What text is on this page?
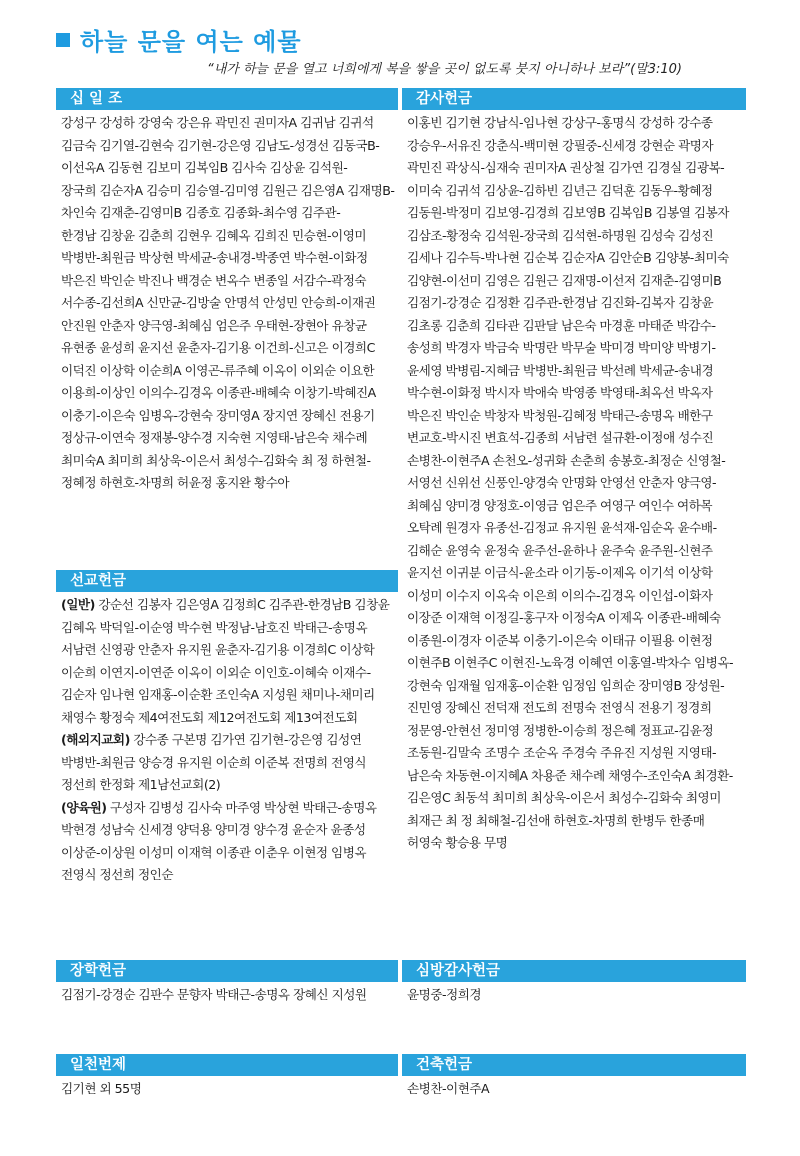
하늘 문을 여는 예물
“내가 하늘 문을 열고 너희에게 복을 쌓을 곳이 없도록 붓지 아니하나 보라”(말3:10)
십 일 조
강성구 강성하 강영숙 강은유 곽민진 권미자A 김귀남 김귀석
김금숙 김기열-김현숙 김기현-강은영 김남도-성경선 김동국B-
이선옥A 김동현 김보미 김복임B 김사숙 김상윤 김석원-
장국희 김순자A 김승미 김승열-김미영 김원근 김은영A 김재명B-
차인숙 김재춘-김영미B 김종호 김종화-최수영 김주관-
한경남 김창윤 김춘희 김현우 김혜옥 김희진 민승현-이영미
박병반-최원금 박상현 박세균-송내경-박종연 박수현-이화정
박은진 박인순 박진나 백경순 변옥수 변종일 서감수-곽정숙
서수종-김선희A 신만균-김방술 안명석 안성민 안승희-이재권
안진원 안춘자 양극영-최혜심 엄은주 우태현-장현아 유창균
유현종 윤성희 윤지선 윤춘자-김기용 이건희-신고은 이경희C
이덕진 이상학 이순희A 이영곤-류주혜 이옥이 이외순 이요한
이용희-이상인 이의수-김경옥 이종관-배혜숙 이창기-박혜진A
이충기-이은숙 임병옥-강현숙 장미영A 장지연 장혜신 전용기
정상규-이연숙 정재봉-양수경 지숙현 지영태-남은숙 채수례
최미숙A 최미희 최상욱-이은서 최성수-김화숙 최 정 하현철-
정혜정 하현호-차명희 허윤정 홍지완 황수아
선교헌금
(일반) 강순선 김봉자 김은영A 김정희C 김주관-한경남B 김창윤
김혜옥 박덕일-이순영 박수현 박정남-남호진 박태근-송명옥
서남련 신영광 안춘자 유지원 윤춘자-김기용 이경희C 이상학
이순희 이연지-이연준 이옥이 이외순 이인호-이혜숙 이재수-
김순자 임나현 임재홍-이순환 조인숙A 지성원 채미나-채미리
채영수 황정숙 제4여전도회 제12여전도회 제13여전도회
(해외지교회) 강수종 구본명 김가연 김기현-강은영 김성연
박병반-최원금 양승경 유지원 이순희 이준복 전명희 전영식
정선희 한정화 제1남선교회(2)
(양육원) 구성자 김병성 김사숙 마주영 박상현 박태근-송명옥
박현경 성남숙 신세경 양덕용 양미경 양수경 윤순자 윤종성
이상준-이상원 이성미 이재혁 이종관 이춘우 이현정 임병옥
전영식 정선희 정인순
감사헌금
이홍빈 김기현 강남식-임나현 강상구-홍명식 강성하 강수종
강승우-서유진 강춘식-백미현 강필중-신세경 강현순 곽명자
곽민진 곽상식-심재숙 권미자A 권상철 김가연 김경실 김광복-
이미숙 김귀석 김상윤-김하빈 김년근 김덕훈 김동우-황혜정
김동원-박정미 김보영-김경희 김보영B 김복임B 김봉열 김봉자
김삼조-황정숙 김석원-장국희 김석현-하명원 김성숙 김성진
김세나 김수득-박나현 김순복 김순자A 김안순B 김양봉-최미숙
김양현-이선미 김영은 김원근 김재명-이선저 김재춘-김영미B
김점기-강경순 김정환 김주관-한경남 김진화-김복자 김창윤
김초롱 김춘희 김타관 김판달 남은숙 마경훈 마태준 박감수-
송성희 박경자 박금숙 박명란 박무술 박미경 박미양 박병기-
윤세영 박병림-지혜금 박병반-최원금 박선례 박세균-송내경
박수현-이화정 박시자 박애숙 박영종 박영태-최옥선 박옥자
박은진 박인순 박창자 박청원-김혜정 박태근-송명옥 배한구
변교호-박시진 변효석-김종희 서남련 설규환-이정애 성수진
손병찬-이현주A 손천오-성귀화 손춘희 송봉호-최정순 신영철-
서영선 신위선 신풍인-양경숙 안명화 안영선 안춘자 양극영-
최혜심 양미경 양정호-이영금 엄은주 여영구 여인수 여하목
오탁례 원경자 유종선-김정교 유지원 윤석재-임순옥 윤수배-
김해순 윤영숙 윤정숙 윤주선-윤하나 윤주숙 윤주원-신현주
윤지선 이귀분 이금식-윤소라 이기동-이제옥 이기석 이상학
이성미 이수지 이옥숙 이은희 이의수-김경옥 이인섭-이화자
이장준 이재혁 이정길-홍구자 이정숙A 이제옥 이종관-배혜숙
이종원-이경자 이준복 이충기-이은숙 이태규 이필용 이현정
이현주B 이현주C 이현진-노육경 이혜연 이홍열-박차수 임병옥-
강현숙 임재월 임재홍-이순환 임정임 임희순 장미영B 장성원-
진민영 장혜신 전덕재 전도희 전명숙 전영식 전용기 정경희
정문영-안현선 정미영 정병한-이승희 정은혜 정표교-김윤정
조동원-김말숙 조명수 조순옥 주경숙 주유진 지성원 지영태-
남은숙 차동현-이지혜A 차용준 채수례 채영수-조인숙A 최경환-
김은영C 최동석 최미희 최상욱-이은서 최성수-김화숙 최영미
최재근 최 정 최해철-김선애 하현호-차명희 한병두 한종매
허영숙 황승용 무명
장학헌금
김점기-강경순 김판수 문향자 박태근-송명옥 장혜신 지성원
심방감사헌금
윤명중-정희경
일천번제
김기현 외 55명
건축헌금
손병찬-이현주A
